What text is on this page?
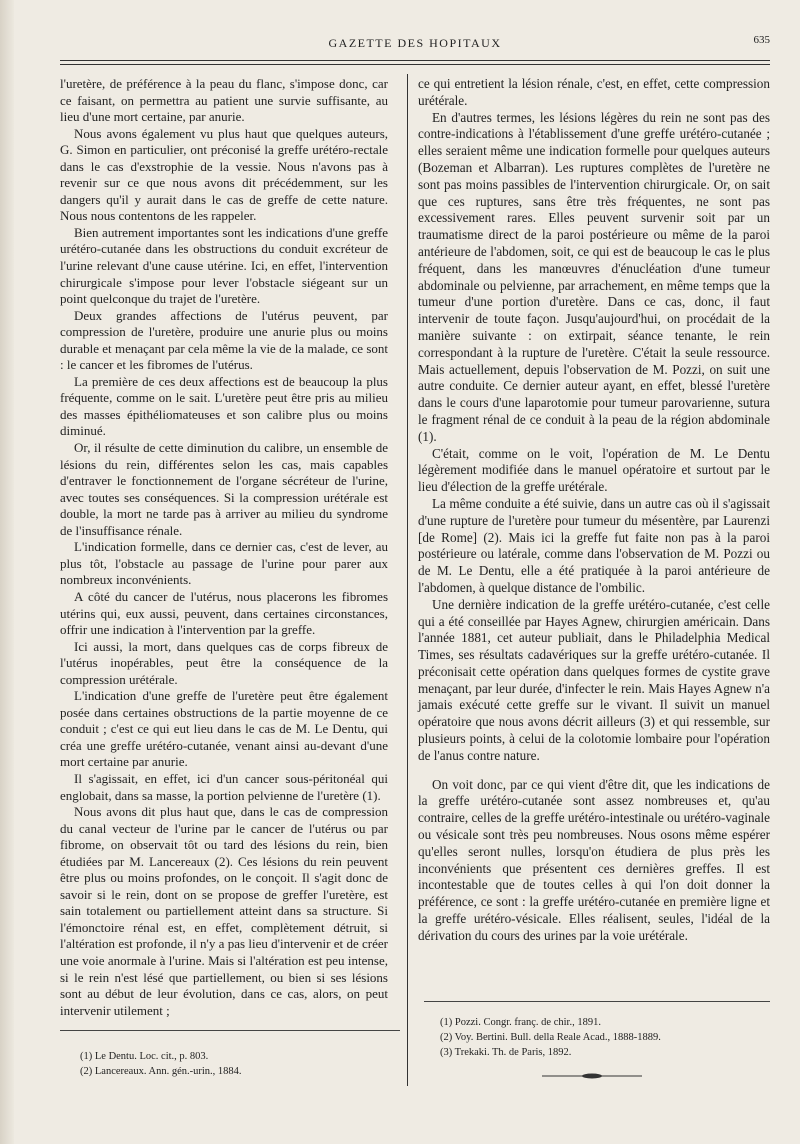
GAZETTE DES HOPITAUX	635

l'uretère, de préférence à la peau du flanc, s'impose donc, car ce faisant, on permettra au patient une survie suffisante, au lieu d'une mort certaine, par anurie.

Nous avons également vu plus haut que quelques auteurs, G. Simon en particulier, ont préconisé la greffe urétéro-rectale dans le cas d'exstrophie de la vessie. Nous n'avons pas à revenir sur ce que nous avons dit précédemment, sur les dangers qu'il y aurait dans le cas de greffe de cette nature. Nous nous contentons de les rappeler.

Bien autrement importantes sont les indications d'une greffe urétéro-cutanée dans les obstructions du conduit excréteur de l'urine relevant d'une cause utérine. Ici, en effet, l'intervention chirurgicale s'impose pour lever l'obstacle siégeant sur un point quelconque du trajet de l'uretère.

Deux grandes affections de l'utérus peuvent, par compression de l'uretère, produire une anurie plus ou moins durable et menaçant par cela même la vie de la malade, ce sont : le cancer et les fibromes de l'utérus.

La première de ces deux affections est de beaucoup la plus fréquente, comme on le sait. L'uretère peut être pris au milieu des masses épithéliomateuses et son calibre plus ou moins diminué.

Or, il résulte de cette diminution du calibre, un ensemble de lésions du rein, différentes selon les cas, mais capables d'entraver le fonctionnement de l'organe sécréteur de l'urine, avec toutes ses conséquences. Si la compression urétérale est double, la mort ne tarde pas à arriver au milieu du syndrome de l'insuffisance rénale.

L'indication formelle, dans ce dernier cas, c'est de lever, au plus tôt, l'obstacle au passage de l'urine pour parer aux nombreux inconvénients.

A côté du cancer de l'utérus, nous placerons les fibromes utérins qui, eux aussi, peuvent, dans certaines circonstances, offrir une indication à l'intervention par la greffe.

Ici aussi, la mort, dans quelques cas de corps fibreux de l'utérus inopérables, peut être la conséquence de la compression urétérale.

L'indication d'une greffe de l'uretère peut être également posée dans certaines obstructions de la partie moyenne de ce conduit ; c'est ce qui eut lieu dans le cas de M. Le Dentu, qui créa une greffe urétéro-cutanée, venant ainsi au-devant d'une mort certaine par anurie.

Il s'agissait, en effet, ici d'un cancer sous-péritonéal qui englobait, dans sa masse, la portion pelvienne de l'uretère (1).

Nous avons dit plus haut que, dans le cas de compression du canal vecteur de l'urine par le cancer de l'utérus ou par fibrome, on observait tôt ou tard des lésions du rein, bien étudiées par M. Lancereaux (2). Ces lésions du rein peuvent être plus ou moins profondes, on le conçoit. Il s'agit donc de savoir si le rein, dont on se propose de greffer l'uretère, est sain totalement ou partiellement atteint dans sa structure. Si l'émonctoire rénal est, en effet, complètement détruit, si l'altération est profonde, il n'y a pas lieu d'intervenir et de créer une voie anormale à l'urine. Mais si l'altération est peu intense, si le rein n'est lésé que partiellement, ou bien si ses lésions sont au début de leur évolution, dans ce cas, alors, on peut intervenir utilement ;

(1) Le Dentu. Loc. cit., p. 803.
(2) Lancereaux. Ann. gén.-urin., 1884.

ce qui entretient la lésion rénale, c'est, en effet, cette compression urétérale.

En d'autres termes, les lésions légères du rein ne sont pas des contre-indications à l'établissement d'une greffe urétéro-cutanée ; elles seraient même une indication formelle pour quelques auteurs (Bozeman et Albarran). Les ruptures complètes de l'uretère ne sont pas moins passibles de l'intervention chirurgicale. Or, on sait que ces ruptures, sans être très fréquentes, ne sont pas excessivement rares. Elles peuvent survenir soit par un traumatisme direct de la paroi postérieure ou même de la paroi antérieure de l'abdomen, soit, ce qui est de beaucoup le cas le plus fréquent, dans les manœuvres d'énucléation d'une tumeur abdominale ou pelvienne, par arrachement, en même temps que la tumeur d'une portion d'uretère. Dans ce cas, donc, il faut intervenir de toute façon. Jusqu'aujourd'hui, on procédait de la manière suivante : on extirpait, séance tenante, le rein correspondant à la rupture de l'uretère. C'était la seule ressource. Mais actuellement, depuis l'observation de M. Pozzi, on suit une autre conduite. Ce dernier auteur ayant, en effet, blessé l'uretère dans le cours d'une laparotomie pour tumeur parovarienne, sutura le fragment rénal de ce conduit à la peau de la région abdominale (1).

C'était, comme on le voit, l'opération de M. Le Dentu légèrement modifiée dans le manuel opératoire et surtout par le lieu d'élection de la greffe urétérale.

La même conduite a été suivie, dans un autre cas où il s'agissait d'une rupture de l'uretère pour tumeur du mésentère, par Laurenzi [de Rome] (2). Mais ici la greffe fut faite non pas à la paroi postérieure ou latérale, comme dans l'observation de M. Pozzi ou de M. Le Dentu, elle a été pratiquée à la paroi antérieure de l'abdomen, à quelque distance de l'ombilic.

Une dernière indication de la greffe urétéro-cutanée, c'est celle qui a été conseillée par Hayes Agnew, chirurgien américain. Dans l'année 1881, cet auteur publiait, dans le Philadelphia Medical Times, ses résultats cadavériques sur la greffe urétéro-cutanée. Il préconisait cette opération dans quelques formes de cystite grave menaçant, par leur durée, d'infecter le rein. Mais Hayes Agnew n'a jamais exécuté cette greffe sur le vivant. Il suivit un manuel opératoire que nous avons décrit ailleurs (3) et qui ressemble, sur plusieurs points, à celui de la colotomie lombaire pour l'opération de l'anus contre nature.

On voit donc, par ce qui vient d'être dit, que les indications de la greffe urétéro-cutanée sont assez nombreuses et, qu'au contraire, celles de la greffe urétéro-intestinale ou urétéro-vaginale ou vésicale sont très peu nombreuses. Nous osons même espérer qu'elles seront nulles, lorsqu'on étudiera de plus près les inconvénients que présentent ces dernières greffes. Il est incontestable que de toutes celles à qui l'on doit donner la préférence, ce sont : la greffe urétéro-cutanée en première ligne et la greffe urétéro-vésicale. Elles réalisent, seules, l'idéal de la dérivation du cours des urines par la voie urétérale.

(1) Pozzi. Congr. franç. de chir., 1891.
(2) Voy. Bertini. Bull. della Reale Acad., 1888-1889.
(3) Trekaki. Th. de Paris, 1892.
